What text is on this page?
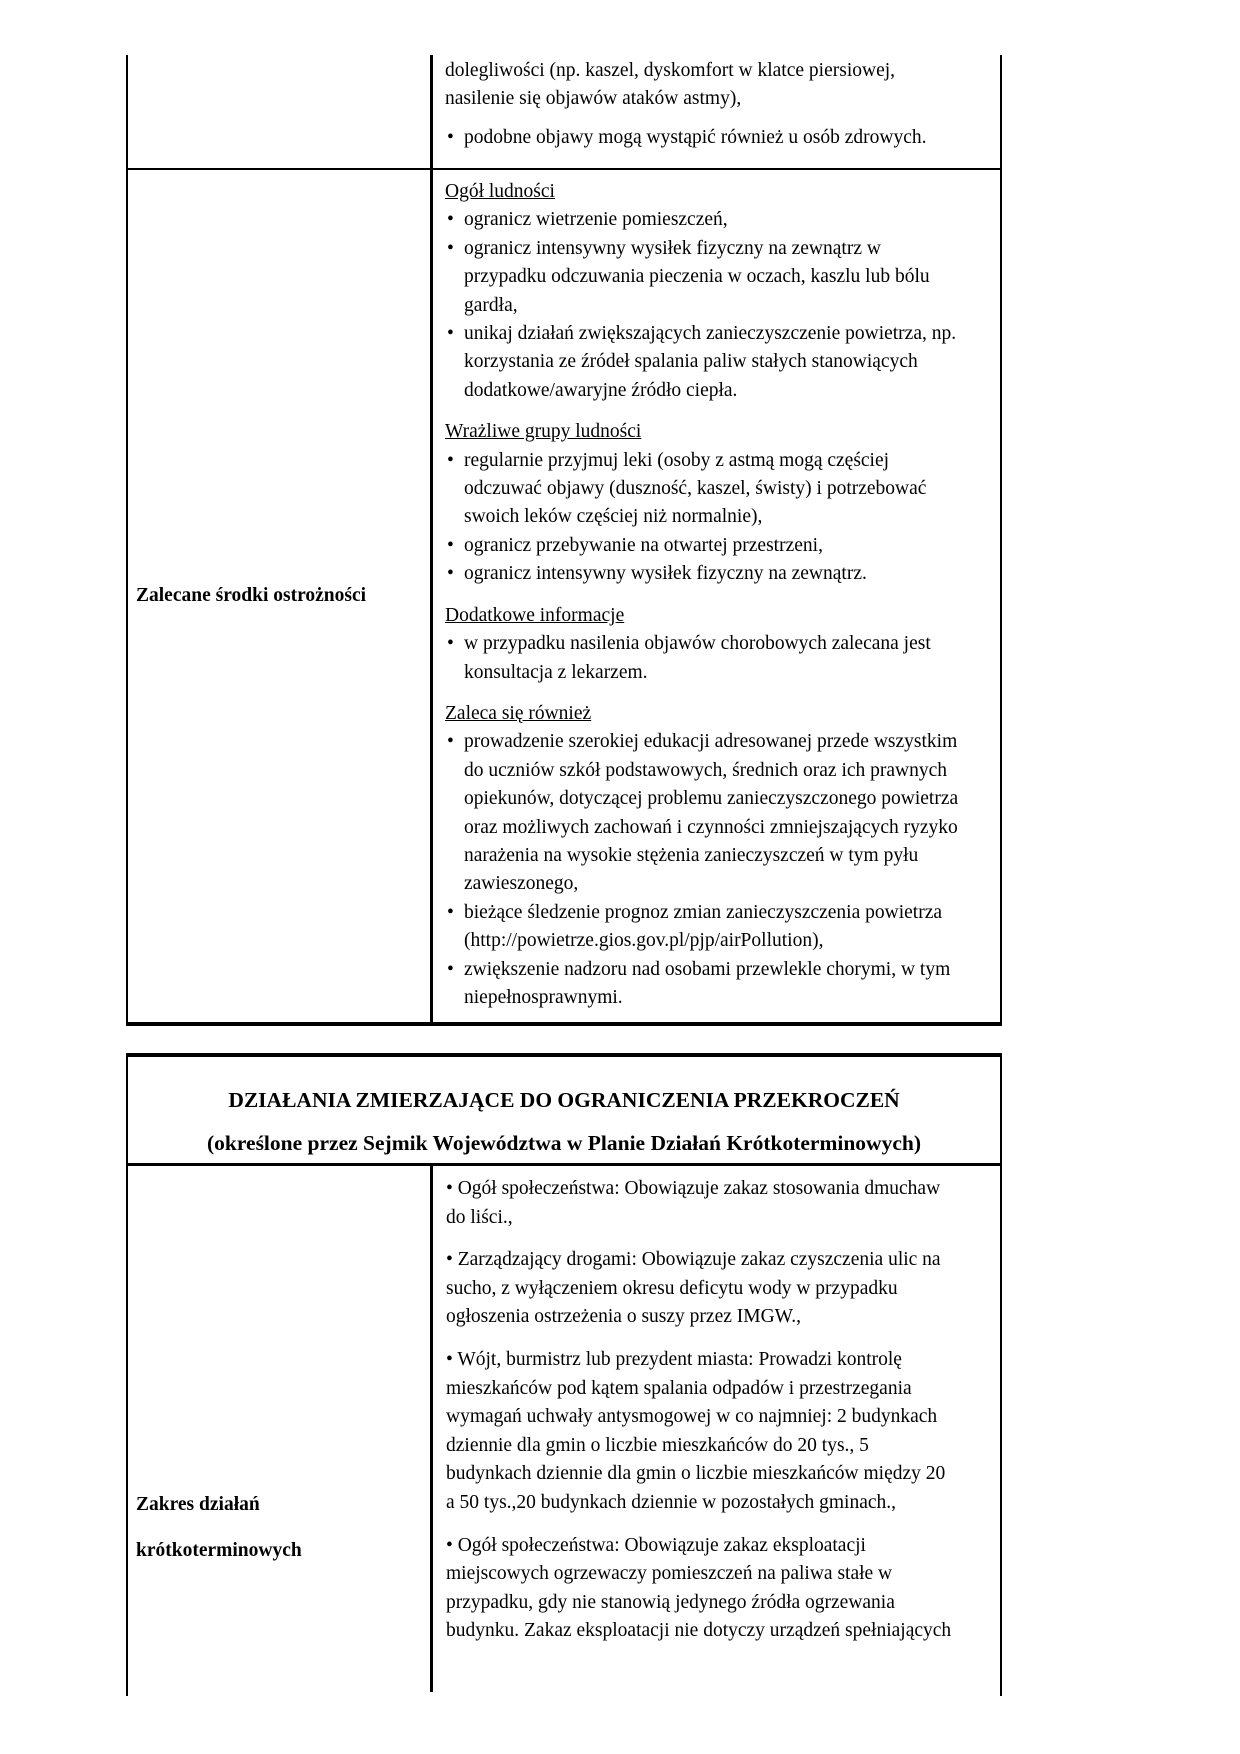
dolegliwości (np. kaszel, dyskomfort w klatce piersiowej,
nasilenie się objawów ataków astmy),
• podobne objawy mogą wystąpić również u osób zdrowych.
Zalecane środki ostrożności
Ogół ludności
• ogranicz wietrzenie pomieszczeń,
• ogranicz intensywny wysiłek fizyczny na zewnątrz w
przypadku odczuwania pieczenia w oczach, kaszlu lub bólu
gardła,
• unikaj działań zwiększających zanieczyszczenie powietrza, np.
korzystania ze źródeł spalania paliw stałych stanowiących
dodatkowe/awaryjne źródło ciepła.
Wrażliwe grupy ludności
• regularnie przyjmuj leki (osoby z astmą mogą częściej
odczuwać objawy (duszność, kaszel, świsty) i potrzebować
swoich leków częściej niż normalnie),
• ogranicz przebywanie na otwartej przestrzeni,
• ogranicz intensywny wysiłek fizyczny na zewnątrz.
Dodatkowe informacje
• w przypadku nasilenia objawów chorobowych zalecana jest
konsultacja z lekarzem.
Zaleca się również
• prowadzenie szerokiej edukacji adresowanej przede wszystkim
do uczniów szkół podstawowych, średnich oraz ich prawnych
opiekunów, dotyczącej problemu zanieczyszczonego powietrza
oraz możliwych zachowań i czynności zmniejszających ryzyko
narażenia na wysokie stężenia zanieczyszczeń w tym pyłu
zawieszonego,
• bieżące śledzenie prognoz zmian zanieczyszczenia powietrza
(http://powietrze.gios.gov.pl/pjp/airPollution),
• zwiększenie nadzoru nad osobami przewlekle chorymi, w tym
niepełnosprawnymi.
DZIAŁANIA ZMIERZAJĄCE DO OGRANICZENIA PRZEKROCZEŃ
(określone przez Sejmik Województwa w Planie Działań Krótkoterminowych)
Zakres działań
krótkoterminowych
• Ogół społeczeństwa: Obowiązuje zakaz stosowania dmuchaw
do liści.,
• Zarządzający drogami: Obowiązuje zakaz czyszczenia ulic na
sucho, z wyłączeniem okresu deficytu wody w przypadku
ogłoszenia ostrzeżenia o suszy przez IMGW.,
• Wójt, burmistrz lub prezydent miasta: Prowadzi kontrolę
mieszkańców pod kątem spalania odpadów i przestrzegania
wymagań uchwały antysmogowej w co najmniej: 2 budynkach
dziennie dla gmin o liczbie mieszkańców do 20 tys., 5
budynkach dziennie dla gmin o liczbie mieszkańców między 20
a 50 tys.,20 budynkach dziennie w pozostałych gminach.,
• Ogół społeczeństwa: Obowiązuje zakaz eksploatacji
miejscowych ogrzewaczy pomieszczeń na paliwa stałe w
przypadku, gdy nie stanowią jedynego źródła ogrzewania
budynku. Zakaz eksploatacji nie dotyczy urządzeń spełniających
